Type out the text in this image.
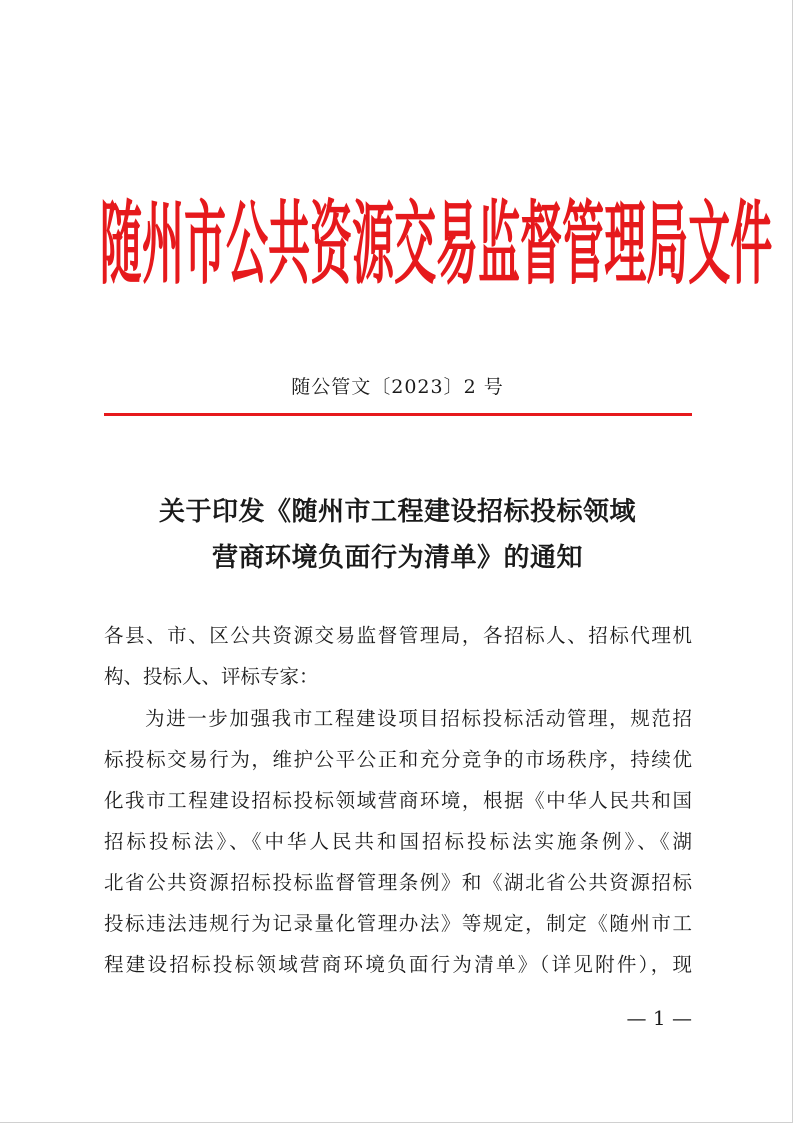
随 州 市 公 共 资 源 交 易 监 督 管 理 局 文 件
随公管文〔2023〕2 号
关于印发《随州市工程建设招标投标领域
营商环境负面行为清单》的通知
各县、市、区公共资源交易监督管理局，各招标人、招标代理机
构、投标人、评标专家：
为进一步加强我市工程建设项目招标投标活动管理，规范招
标投标交易行为，维护公平公正和充分竞争的市场秩序，持续优
化我市工程建设招标投标领域营商环境，根据《中华人民共和国
招标投标法》、《中华人民共和国招标投标法实施条例》、《湖
北省公共资源招标投标监督管理条例》和《湖北省公共资源招标
投标违法违规行为记录量化管理办法》等规定，制定《随州市工
程建设招标投标领域营商环境负面行为清单》（详见附件），现
— 1 —
